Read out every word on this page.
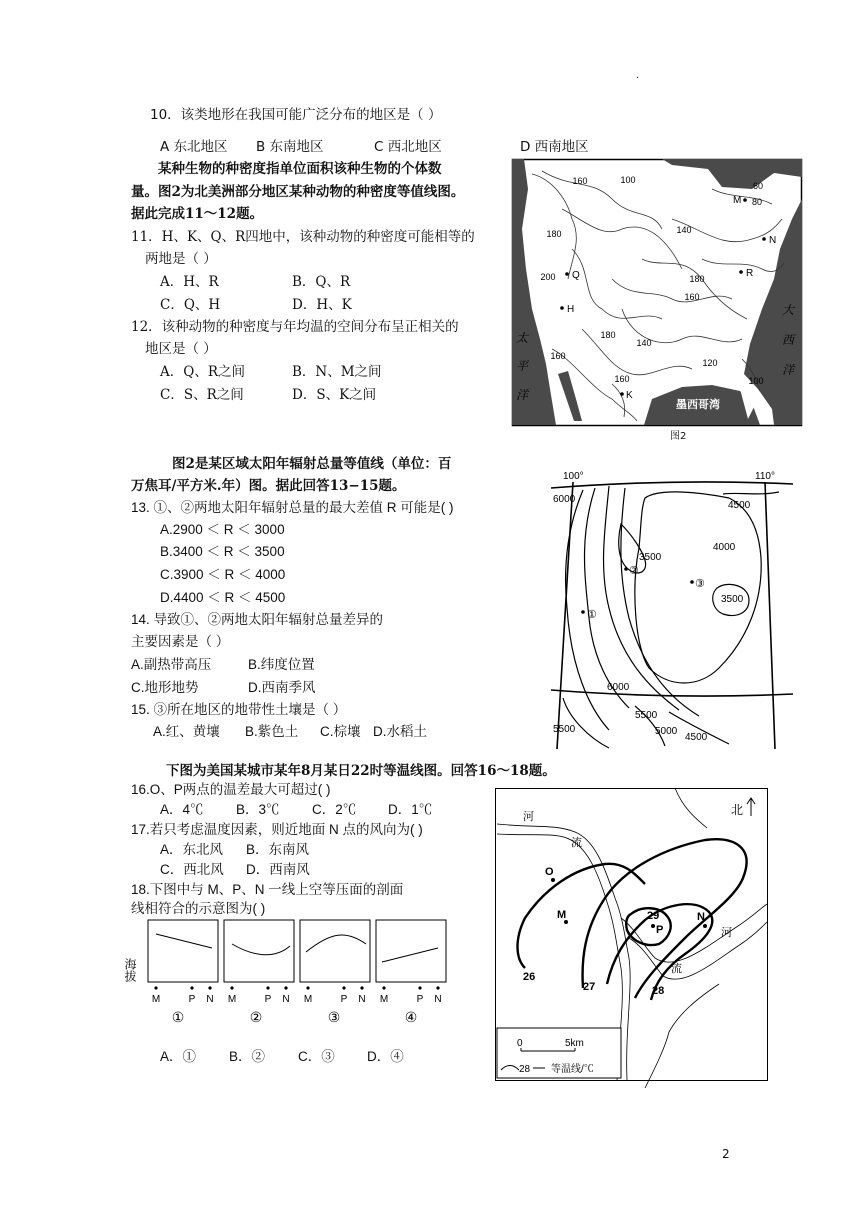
·
2
10．该类地形在我国可能广泛分布的地区是（ ）
A 东北地区 B 东南地区	C 西北地区	D 西南地区
某种生物的种密度指单位面积该种生物的个体数
量。图2为北美洲部分地区某种动物的种密度等值线图。
据此完成11～12题。
11．H、K、Q、R四地中，该种动物的种密度可能相等的
两地是（ ）
A．H、R	B．Q、R
C．Q、H	D．H、K
12．该种动物的种密度与年均温的空间分布呈正相关的
地区是（ ）
A．Q、R之间	B．N、M之间
C．S、R之间	D．S、K之间
160	100
60
80
180	140
200	180
160
180
140
160
120
160	100
M
N
Q	R
H
K	S
太
平
洋
大
西
洋
墨西哥湾
图2
图2是某区域太阳年辐射总量等值线（单位：百
万焦耳/平方米.年）图。据此回答13−15题。
13. ①、②两地太阳年辐射总量的最大差值 R 可能是( )
A.2900 ＜ R ＜ 3000
B.3400 ＜ R ＜ 3500
C.3900 ＜ R ＜ 4000
D.4400 ＜ R ＜ 4500
14. 导致①、②两地太阳年辐射总量差异的
主要因素是（ ）
A.副热带高压	B.纬度位置
C.地形地势	D.西南季风
15. ③所在地区的地带性土壤是（ ）
A.红、黄壤 B.紫色土 C.棕壤 D.水稻土
100°	110°
6000
4500
3500
4000
3500
6000
5500
5500
5000
4500
②
③
①
下图为美国某城市某年8月某日22时等温线图。回答16～18题。
16.O、P两点的温差最大可超过( )
A．4℃ B．3℃ C．2℃ D．1℃
17.若只考虑温度因素，则近地面 N 点的风向为( )
A．东北风 B．东南风
C．西北风 D．西南风
18.下图中与 M、P、N 一线上空等压面的剖面
线相符合的示意图为( )
海拔
M	P N M	P N M	P N M	P N
①	②	③	④
A．① B．② C．③ D．④
北
O
M
P
29	N
26
27	28
河
流
河
流
0	5km
28 等温线/℃
